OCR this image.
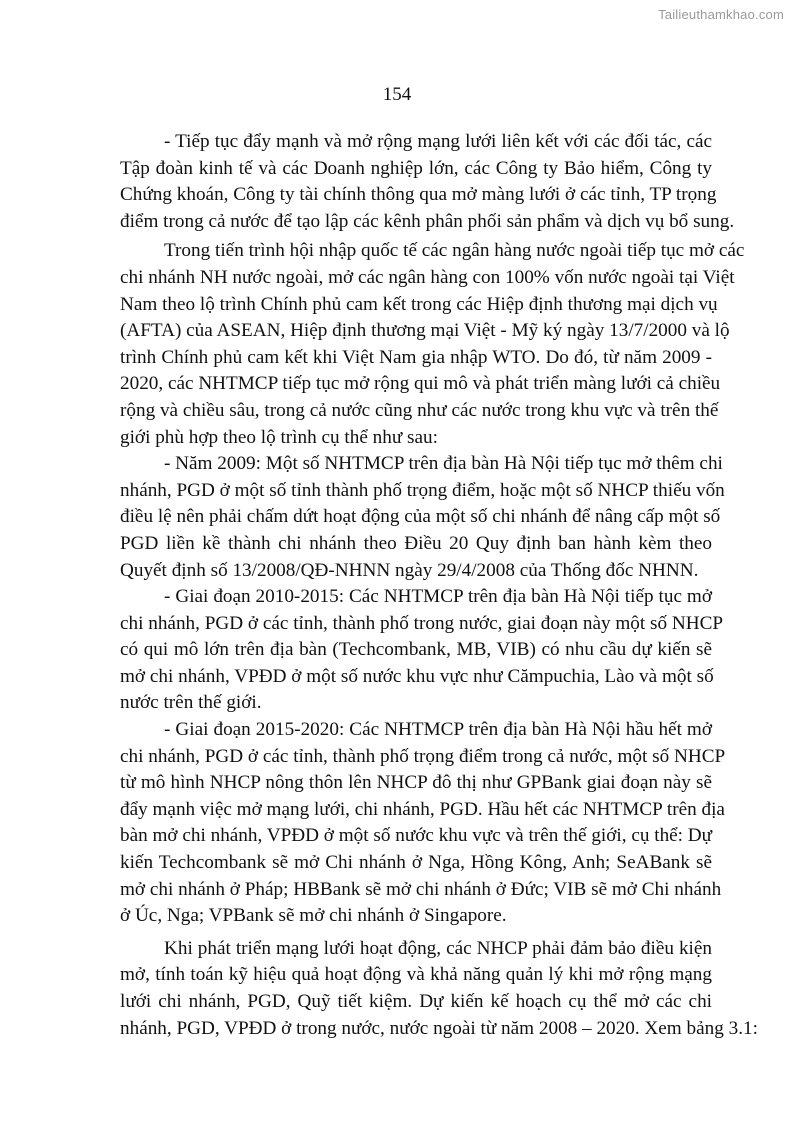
Tailieuthamkhao.com
154

- Tiếp tục đẩy mạnh và mở rộng mạng lưới liên kết với các đối tác, các
Tập đoàn kinh tế và các Doanh nghiệp lớn, các Công ty Bảo hiểm, Công ty
Chứng khoán, Công ty tài chính thông qua mở màng lưới ở các tỉnh, TP trọng
điểm trong cả nước để tạo lập các kênh phân phối sản phẩm và dịch vụ bổ sung.

Trong tiến trình hội nhập quốc tế các ngân hàng nước ngoài tiếp tục mở các
chi nhánh NH nước ngoài, mở các ngân hàng con 100% vốn nước ngoài tại Việt
Nam theo lộ trình Chính phủ cam kết trong các Hiệp định thương mại dịch vụ
(AFTA) của ASEAN, Hiệp định thương mại Việt - Mỹ ký ngày 13/7/2000 và lộ
trình Chính phủ cam kết khi Việt Nam gia nhập WTO. Do đó, từ năm 2009 -
2020, các NHTMCP tiếp tục mở rộng qui mô và phát triển màng lưới cả chiều
rộng và chiều sâu, trong cả nước cũng như các nước trong khu vực và trên thế
giới phù hợp theo lộ trình cụ thể như sau:

- Năm 2009: Một số NHTMCP trên địa bàn Hà Nội tiếp tục mở thêm chi
nhánh, PGD ở một số tỉnh thành phố trọng điểm, hoặc một số NHCP thiếu vốn
điều lệ nên phải chấm dứt hoạt động của một số chi nhánh để nâng cấp một số
PGD liền kề thành chi nhánh theo Điều 20 Quy định ban hành kèm theo
Quyết định số 13/2008/QĐ-NHNN ngày 29/4/2008 của Thống đốc NHNN.

- Giai đoạn 2010-2015: Các NHTMCP trên địa bàn Hà Nội tiếp tục mở
chi nhánh, PGD ở các tỉnh, thành phố trong nước, giai đoạn này một số NHCP
có qui mô lớn trên địa bàn (Techcombank, MB, VIB) có nhu cầu dự kiến sẽ
mở chi nhánh, VPĐD ở một số nước khu vực như Cămpuchia, Lào và một số
nước trên thế giới.

- Giai đoạn 2015-2020: Các NHTMCP trên địa bàn Hà Nội hầu hết mở
chi nhánh, PGD ở các tỉnh, thành phố trọng điểm trong cả nước, một số NHCP
từ mô hình NHCP nông thôn lên NHCP đô thị như GPBank giai đoạn này sẽ
đẩy mạnh việc mở mạng lưới, chi nhánh, PGD. Hầu hết các NHTMCP trên địa
bàn mở chi nhánh, VPĐD ở một số nước khu vực và trên thế giới, cụ thể: Dự
kiến Techcombank sẽ mở Chi nhánh ở Nga, Hồng Kông, Anh; SeABank sẽ
mở chi nhánh ở Pháp; HBBank sẽ mở chi nhánh ở Đức; VIB sẽ mở Chi nhánh
ở Úc, Nga; VPBank sẽ mở chi nhánh ở Singapore.

Khi phát triển mạng lưới hoạt động, các NHCP phải đảm bảo điều kiện
mở, tính toán kỹ hiệu quả hoạt động và khả năng quản lý khi mở rộng mạng
lưới chi nhánh, PGD, Quỹ tiết kiệm. Dự kiến kế hoạch cụ thể mở các chi
nhánh, PGD, VPĐD ở trong nước, nước ngoài từ năm 2008 – 2020. Xem bảng 3.1:
